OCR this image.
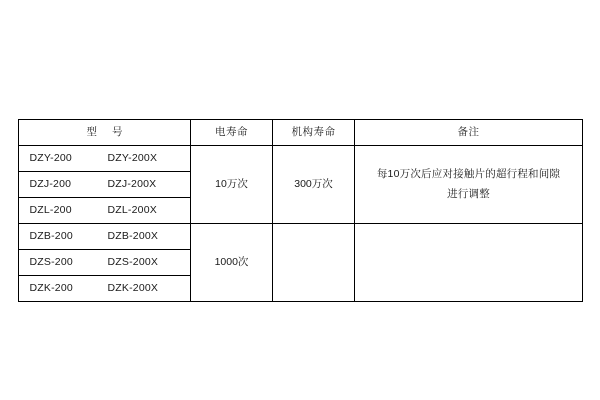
型 号	电寿命	机构寿命	备注

DZY-200 DZY-200X	10万次	300万次	每10万次后应对接触片的超行程和间隙
进行调整

DZJ-200 DZJ-200X			

DZL-200 DZL-200X			

DZB-200 DZB-200X	1000次		

DZS-200 DZS-200X			

DZK-200 DZK-200X			
